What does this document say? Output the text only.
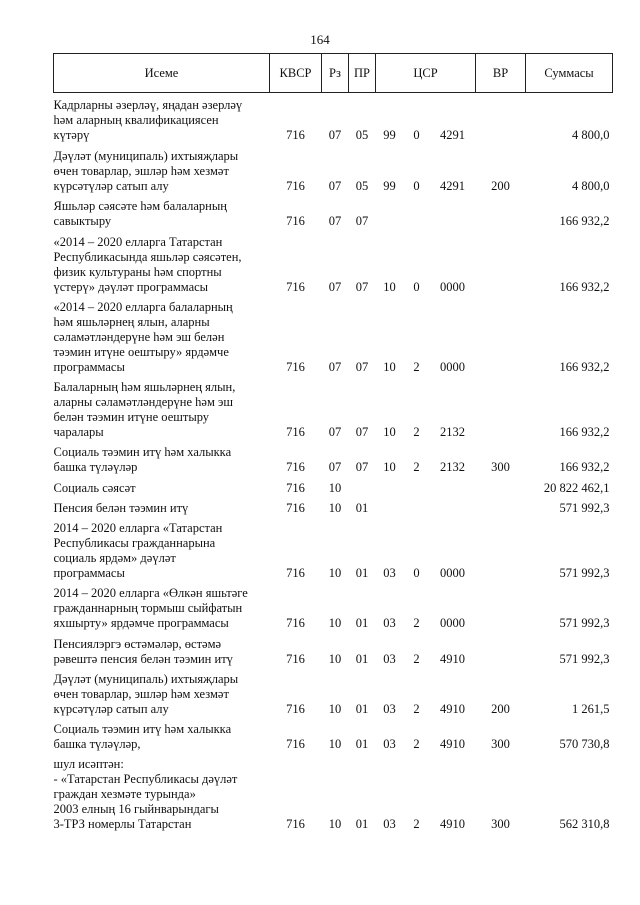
164
Исеме	КВСР	Рз	ПР	ЦСР			ВР	Суммасы

Кадрларны әзерләү, яңадан әзерләү
һәм аларның квалификациясен
күтәрү	716	07	05	99	0	4291		4 800,0

Дәүләт (муниципаль) ихтыяҗлары
өчен товарлар, эшләр һәм хезмәт
күрсәтүләр сатып алу	716	07	05	99	0	4291	200	4 800,0

Яшьләр сәясәте һәм балаларның
савыктыру	716	07	07					166 932,2

«2014 – 2020 елларга Татарстан
Республикасында яшьләр сәясәтен,
физик культураны һәм спортны
үстерү» дәүләт программасы	716	07	07	10	0	0000		166 932,2

«2014 – 2020 елларга балаларның
һәм яшьләрнең ялын, аларны
сәламәтләндерүне һәм эш белән
тәэмин итүне оештыру» ярдәмче
программасы	716	07	07	10	2	0000		166 932,2

Балаларның һәм яшьләрнең ялын,
аларны сәламәтләндерүне һәм эш
белән тәэмин итүне оештыру
чаралары	716	07	07	10	2	2132		166 932,2

Социаль тәэмин итү һәм халыкка
башка түләүләр	716	07	07	10	2	2132	300	166 932,2

Социаль сәясәт	716	10						20 822 462,1

Пенсия белән тәэмин итү	716	10	01					571 992,3

2014 – 2020 елларга «Татарстан
Республикасы гражданнарына
социаль ярдәм» дәүләт
программасы	716	10	01	03	0	0000		571 992,3

2014 – 2020 елларга «Өлкән яшьтәге
гражданнарның тормыш сыйфатын
яхшырту» ярдәмче программасы	716	10	01	03	2	0000		571 992,3

Пенсиялэргэ өстәмәләр, өстәмә
рәвештә пенсия белән тәэмин итү	716	10	01	03	2	4910		571 992,3

Дәүләт (муниципаль) ихтыяҗлары
өчен товарлар, эшләр һәм хезмәт
күрсәтүләр сатып алу	716	10	01	03	2	4910	200	1 261,5

Социаль тәэмин итү һәм халыкка
башка түләүләр,	716	10	01	03	2	4910	300	570 730,8

шул исәптән:
- «Татарстан Республикасы дәүләт
граждан хезмәте турында»
2003 елның 16 гыйнварындагы
3-ТРЗ номерлы Татарстан	716	10	01	03	2	4910	300	562 310,8
